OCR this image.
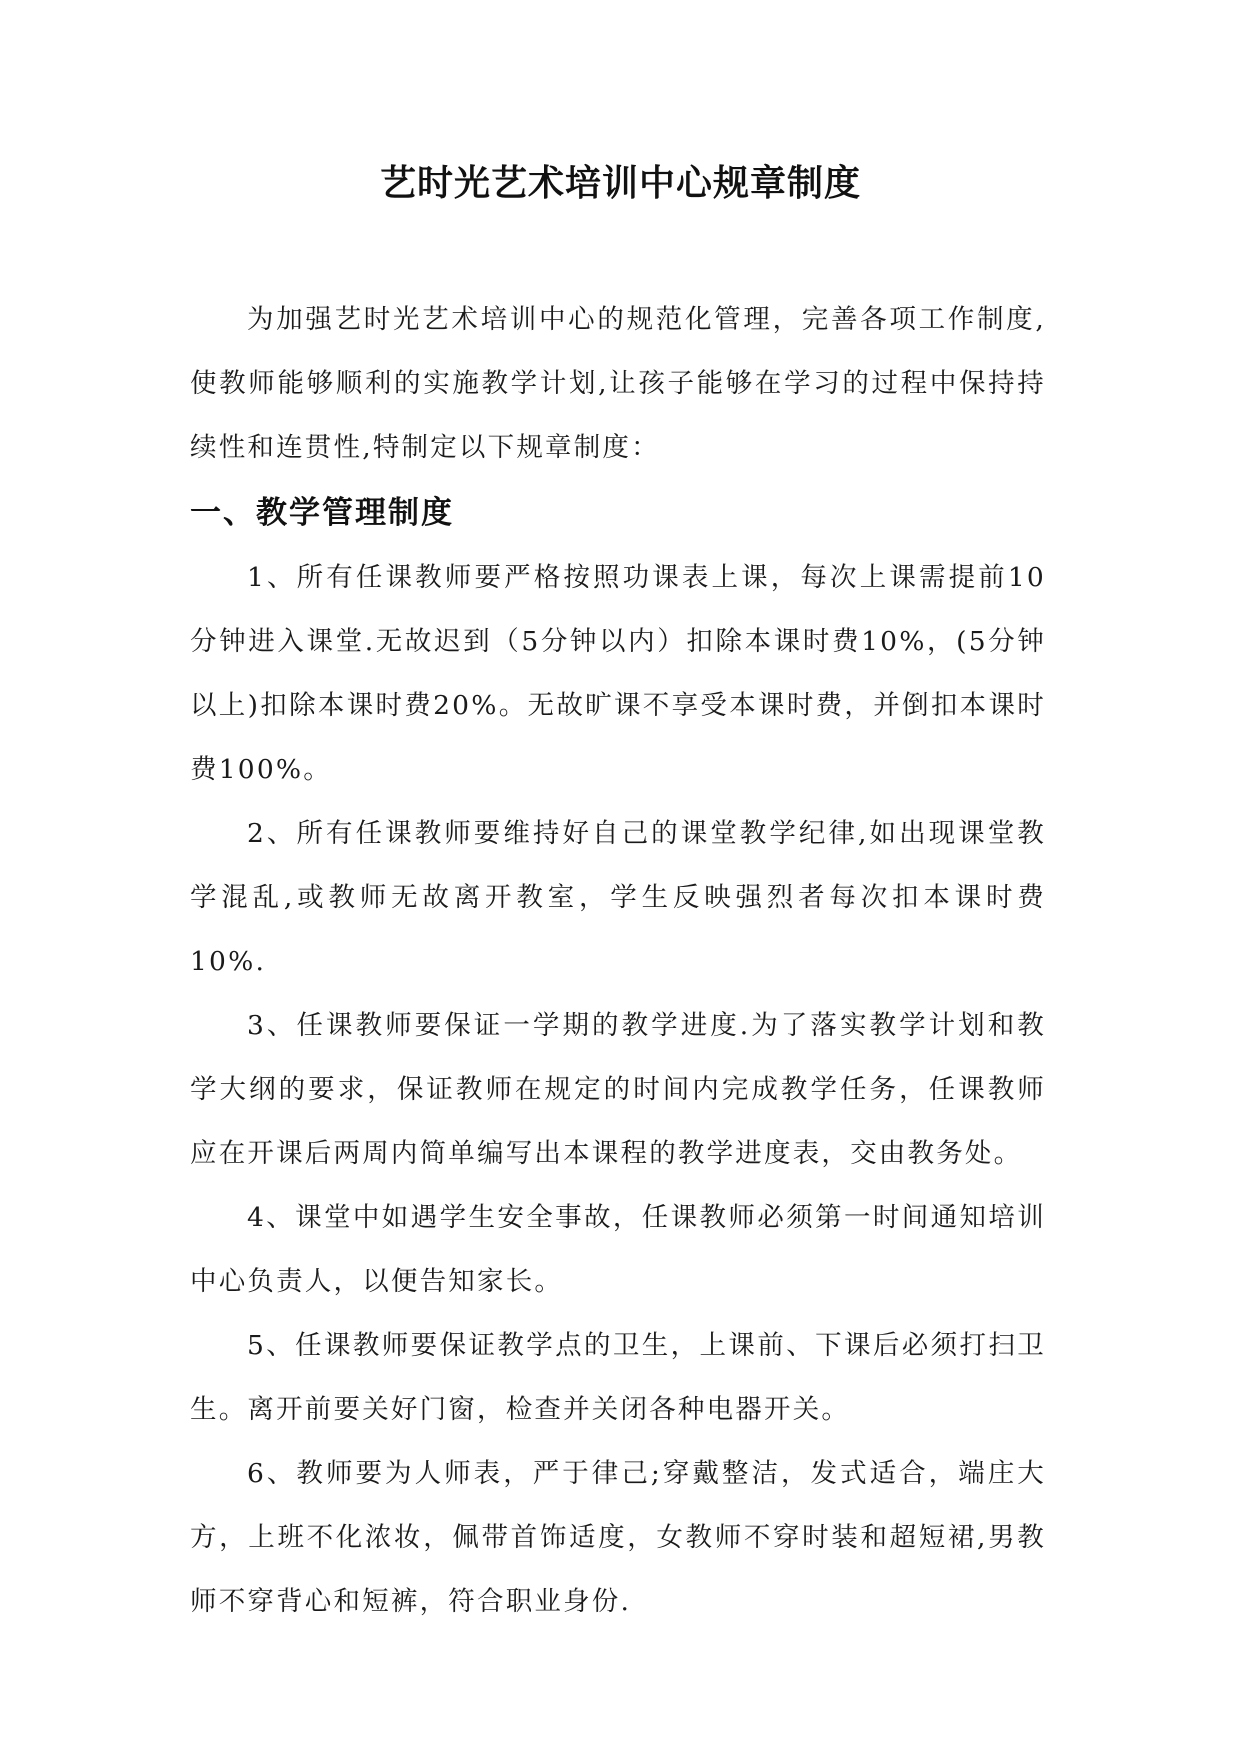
艺时光艺术培训中心规章制度

为加强艺时光艺术培训中心的规范化管理，完善各项工作制度,使教师能够顺利的实施教学计划,让孩子能够在学习的过程中保持持续性和连贯性,特制定以下规章制度：

一、教学管理制度

1、所有任课教师要严格按照功课表上课，每次上课需提前10分钟进入课堂.无故迟到（5分钟以内）扣除本课时费10%，(5分钟以上)扣除本课时费20%。无故旷课不享受本课时费，并倒扣本课时费100%。

2、所有任课教师要维持好自己的课堂教学纪律,如出现课堂教学混乱,或教师无故离开教室，学生反映强烈者每次扣本课时费10%.

3、任课教师要保证一学期的教学进度.为了落实教学计划和教学大纲的要求，保证教师在规定的时间内完成教学任务，任课教师应在开课后两周内简单编写出本课程的教学进度表，交由教务处。

4、课堂中如遇学生安全事故，任课教师必须第一时间通知培训中心负责人，以便告知家长。

5、任课教师要保证教学点的卫生，上课前、下课后必须打扫卫生。离开前要关好门窗，检查并关闭各种电器开关。

6、教师要为人师表，严于律己;穿戴整洁，发式适合，端庄大方，上班不化浓妆，佩带首饰适度，女教师不穿时装和超短裙,男教师不穿背心和短裤，符合职业身份.
